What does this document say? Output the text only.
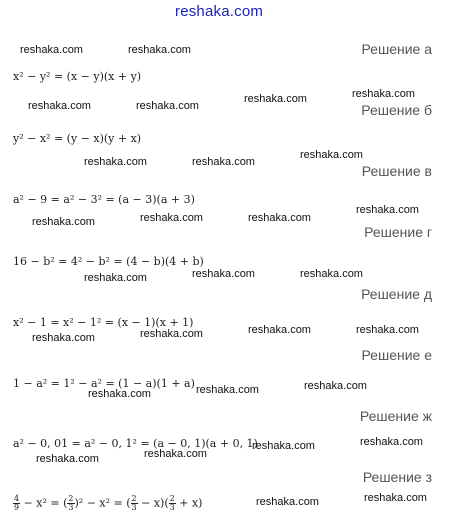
reshaka.com
reshaka.com	reshaka.com
reshaka.com	reshaka.com
reshaka.com	reshaka.com
reshaka.com	reshaka.com
reshaka.com
reshaka.com	reshaka.com	reshaka.com
reshaka.com
reshaka.com	reshaka.com	reshaka.com
reshaka.com	reshaka.com	reshaka.com	reshaka.com
reshaka.com	reshaka.com	reshaka.com
reshaka.com	reshaka.com
reshaka.com	reshaka.com
reshaka.com	reshaka.com
Решение а
Решение б
Решение в
Решение г
Решение д
Решение е
Решение ж
Решение з
x² − y² = (x − y)(x + y)
y² − x² = (y − x)(y + x)
a² − 9 = a² − 3² = (a − 3)(a + 3)
16 − b² = 4² − b² = (4 − b)(4 + b)
x² − 1 = x² − 1² = (x − 1)(x + 1)
1 − a² = 1² − a² = (1 − a)(1 + a)
a² − 0, 01 = a² − 0, 1² = (a − 0, 1)(a + 0, 1)
$\frac{4}{9} - x^2$ = ( $\frac{2}{3} )^2 - x^2$ = ( $\frac{2}{3} - x)( \frac{2}{3} + x)$
